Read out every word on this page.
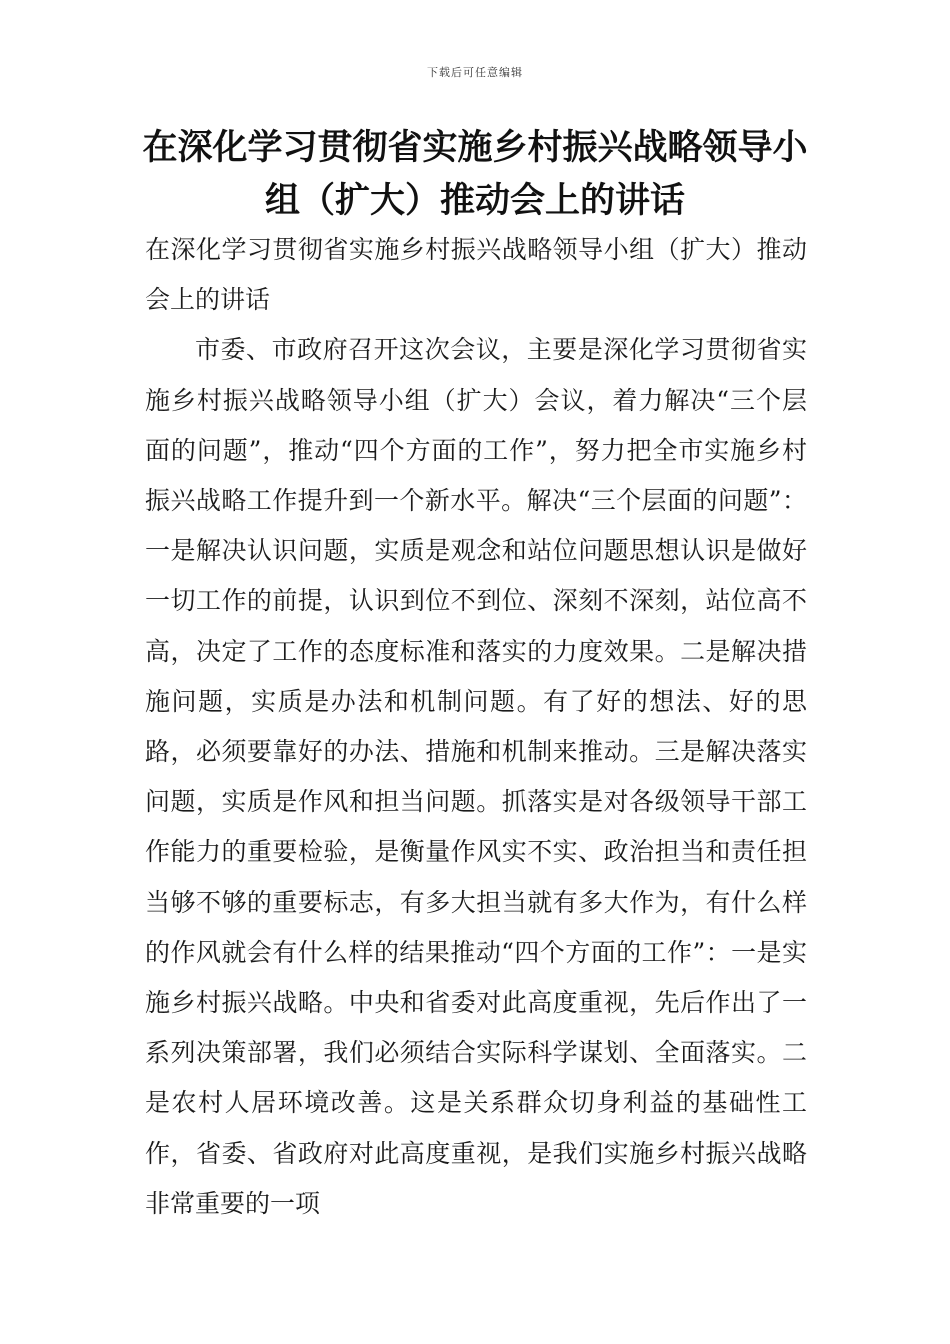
下载后可任意编辑
在深化学习贯彻省实施乡村振兴战略领导小组（扩大）推动会上的讲话

在深化学习贯彻省实施乡村振兴战略领导小组（扩大）推动会上的讲话

市委、市政府召开这次会议，主要是深化学习贯彻省实施乡村振兴战略领导小组（扩大）会议，着力解决“三个层面的问题”，推动“四个方面的工作”，努力把全市实施乡村振兴战略工作提升到一个新水平。解决“三个层面的问题”：一是解决认识问题，实质是观念和站位问题思想认识是做好一切工作的前提，认识到位不到位、深刻不深刻，站位高不高，决定了工作的态度标准和落实的力度效果。二是解决措施问题，实质是办法和机制问题。有了好的想法、好的思路，必须要靠好的办法、措施和机制来推动。三是解决落实问题，实质是作风和担当问题。抓落实是对各级领导干部工作能力的重要检验，是衡量作风实不实、政治担当和责任担当够不够的重要标志，有多大担当就有多大作为，有什么样的作风就会有什么样的结果推动“四个方面的工作”：一是实施乡村振兴战略。中央和省委对此高度重视，先后作出了一系列决策部署，我们必须结合实际科学谋划、全面落实。二是农村人居环境改善。这是关系群众切身利益的基础性工作，省委、省政府对此高度重视，是我们实施乡村振兴战略非常重要的一项
